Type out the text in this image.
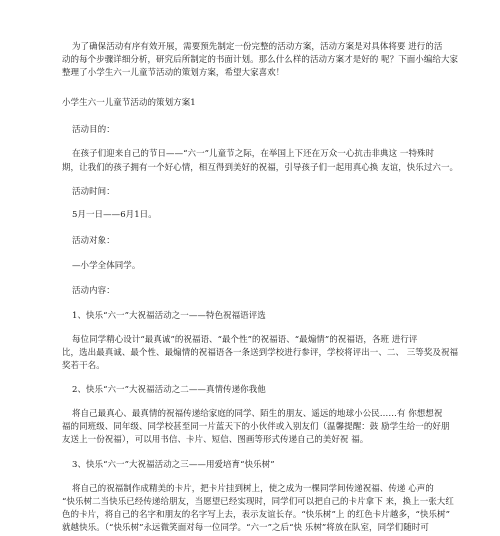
为了确保活动有序有效开展，需要预先制定一份完整的活动方案，活动方案是对具体将要 进行的活
动的每个步骤详细分析，研究后所制定的书面计划。那么什么样的活动方案才是好的 呢？下面小编给大家
整理了小学生六一儿童节活动的策划方案，希望大家喜欢！
小学生六一儿童节活动的策划方案1
活动目的：
在孩子们迎来自己的节日——“六一”儿童节之际，在举国上下还在万众一心抗击非典这 一特殊时
期，让我们的孩子拥有一个好心情，相互得到美好的祝福，引导孩子们一起用真心换 友谊，快乐过六一。
活动时间：
5月一日——6月1日。
活动对象：
—小学全体同学。
活动内容：
1、快乐“六一”大祝福活动之一——特色祝福语评选
每位同学精心设计“最真诚”的祝福语、“最个性”的祝福语、“最煽情”的祝福语，各班 进行评
比，选出最真诚、最个性、最煽情的祝福语各一条送到学校进行参评，学校将评出一、二、 三等奖及祝福
奖若干名。
2、快乐“六一”大祝福活动之二——真情传递你我他
将自己最真心、最真情的祝福传递给家庭的同学、陌生的朋友、遥远的地球小公民……有 你想想祝
福的同班级、同年级、同学校甚至同一片蓝天下的小伙伴或入别友们（温馨提醒：鼓 励学生给一的好朋
友送上一份祝福），可以用书信、卡片、短信、图画等形式传递自己的美好祝 福。
3、快乐“六一”大祝福活动之三——用爱培育“快乐树”
将自己的祝福制作成精美的卡片，把卡片挂到树上，使之成为一棵同学间传递祝福、传递 心声的
“快乐树二当快乐已经传递给朋友，当愿望已经实现时，同学们可以把自己的卡片拿下 来，换上一张大红
色的卡片，将自己的名字和朋友的名字写上去，表示友谊长存。“快乐树”上 的红色卡片越多，“快乐树”
就越快乐。（“快乐树”永远微笑面对每一位同学。“六一”之后“快 乐树”将放在队室，同学们随时可
